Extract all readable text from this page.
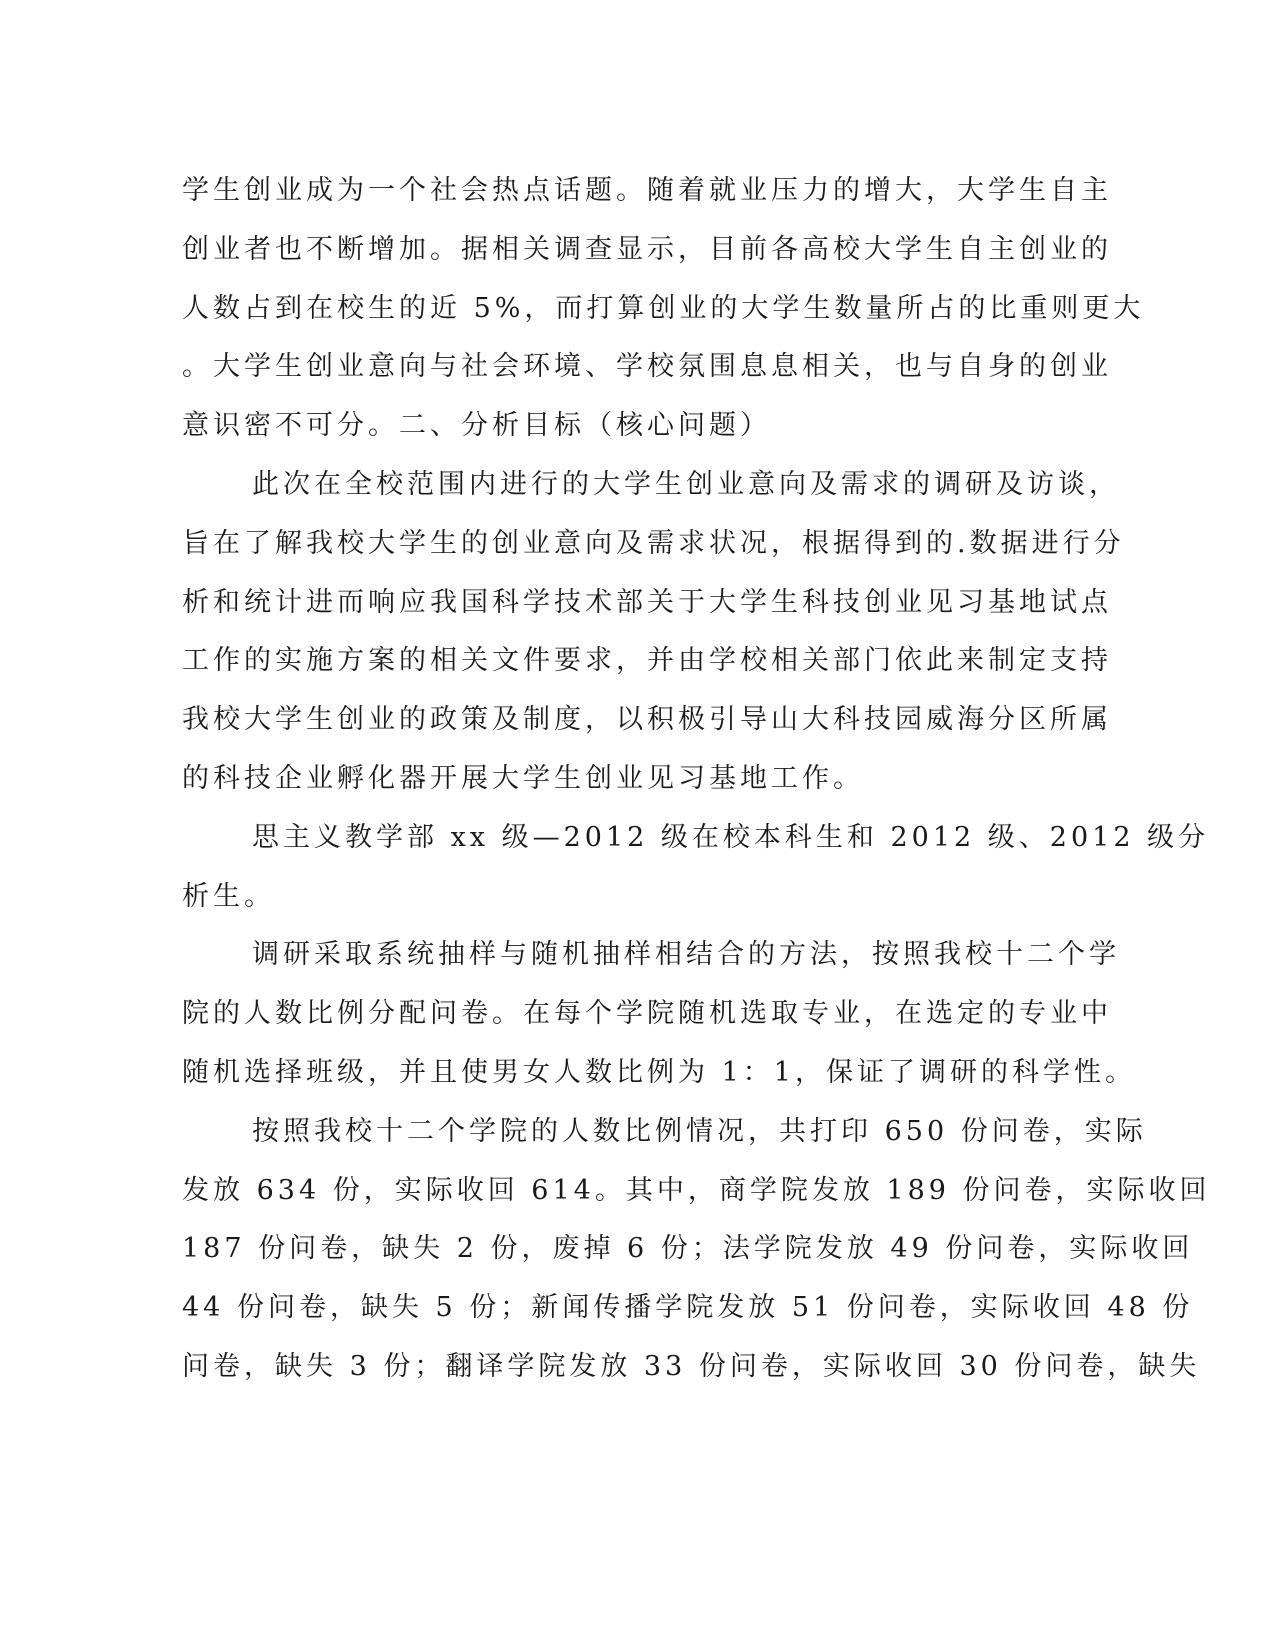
学生创业成为一个社会热点话题。随着就业压力的增大，大学生自主
创业者也不断增加。据相关调查显示，目前各高校大学生自主创业的
人数占到在校生的近 5%，而打算创业的大学生数量所占的比重则更大
。大学生创业意向与社会环境、学校氛围息息相关，也与自身的创业
意识密不可分。二、分析目标（核心问题）
此次在全校范围内进行的大学生创业意向及需求的调研及访谈，
旨在了解我校大学生的创业意向及需求状况，根据得到的.数据进行分
析和统计进而响应我国科学技术部关于大学生科技创业见习基地试点
工作的实施方案的相关文件要求，并由学校相关部门依此来制定支持
我校大学生创业的政策及制度，以积极引导山大科技园威海分区所属
的科技企业孵化器开展大学生创业见习基地工作。
思主义教学部 xx 级—2012 级在校本科生和 2012 级、2012 级分
析生。
调研采取系统抽样与随机抽样相结合的方法，按照我校十二个学
院的人数比例分配问卷。在每个学院随机选取专业，在选定的专业中
随机选择班级，并且使男女人数比例为 1：1，保证了调研的科学性。
按照我校十二个学院的人数比例情况，共打印 650 份问卷，实际
发放 634 份，实际收回 614。其中，商学院发放 189 份问卷，实际收回
187 份问卷，缺失 2 份，废掉 6 份；法学院发放 49 份问卷，实际收回
44 份问卷，缺失 5 份；新闻传播学院发放 51 份问卷，实际收回 48 份
问卷，缺失 3 份；翻译学院发放 33 份问卷，实际收回 30 份问卷，缺失
